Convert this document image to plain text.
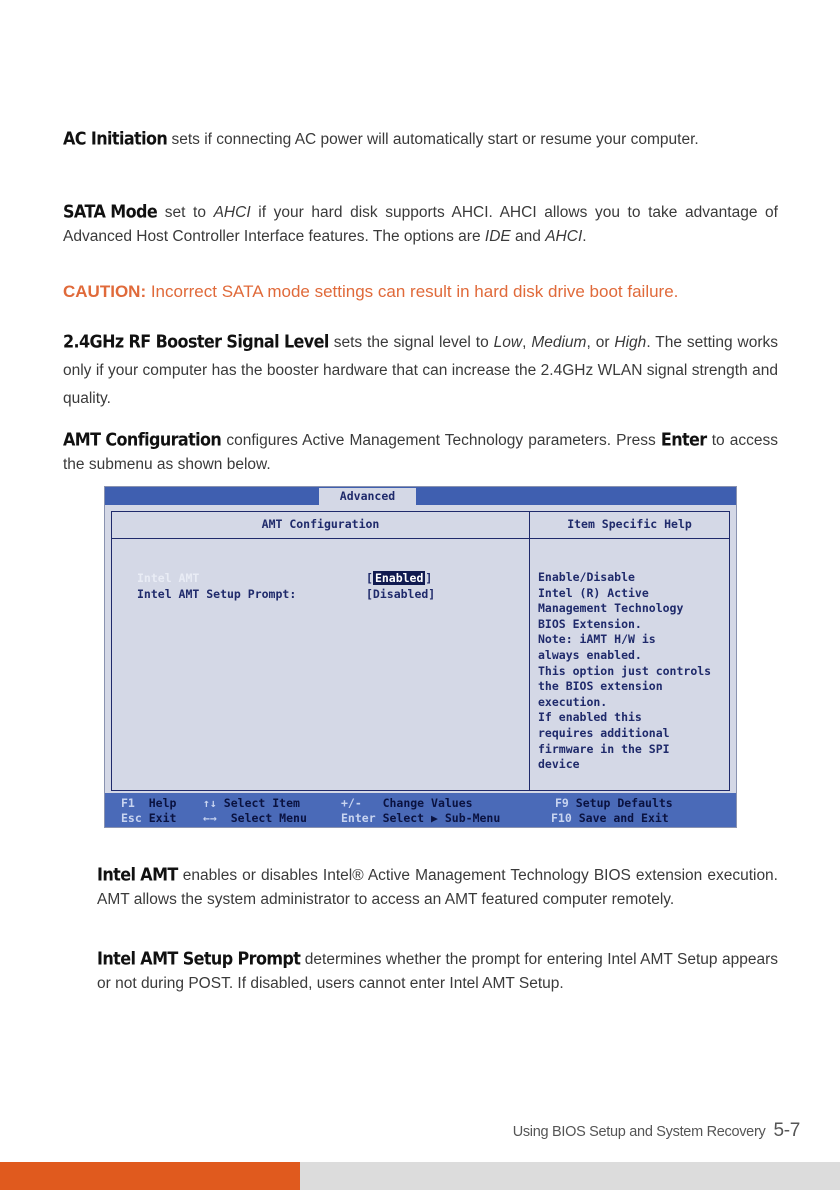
AC Initiation sets if connecting AC power will automatically start or resume your computer.

SATA Mode set to AHCI if your hard disk supports AHCI. AHCI allows you to take advantage of Advanced Host Controller Interface features. The options are IDE and AHCI.

CAUTION: Incorrect SATA mode settings can result in hard disk drive boot failure.

2.4GHz RF Booster Signal Level sets the signal level to Low, Medium, or High. The setting works only if your computer has the booster hardware that can increase the 2.4GHz WLAN signal strength and quality.

AMT Configuration configures Active Management Technology parameters. Press Enter to access the submenu as shown below.

Advanced
AMT Configuration	Item Specific Help
Intel AMT	[ Enabled ]
Intel AMT Setup Prompt:	[Disabled]
Enable/Disable
Intel (R) Active
Management Technology
BIOS Extension.
Note: iAMT H/W is
always enabled.
This option just controls
the BIOS extension
execution.
If enabled this
requires additional
firmware in the SPI
device
F1 Help ↑↓ Select Item	+/- Change Values	F9 Setup Defaults
Esc Exit ←→ Select Menu	Enter Select ▶ Sub-Menu	F10 Save and Exit

Intel AMT enables or disables Intel® Active Management Technology BIOS extension execution. AMT allows the system administrator to access an AMT featured computer remotely.

Intel AMT Setup Prompt determines whether the prompt for entering Intel AMT Setup appears or not during POST. If disabled, users cannot enter Intel AMT Setup.

Using BIOS Setup and System Recovery 5-7
